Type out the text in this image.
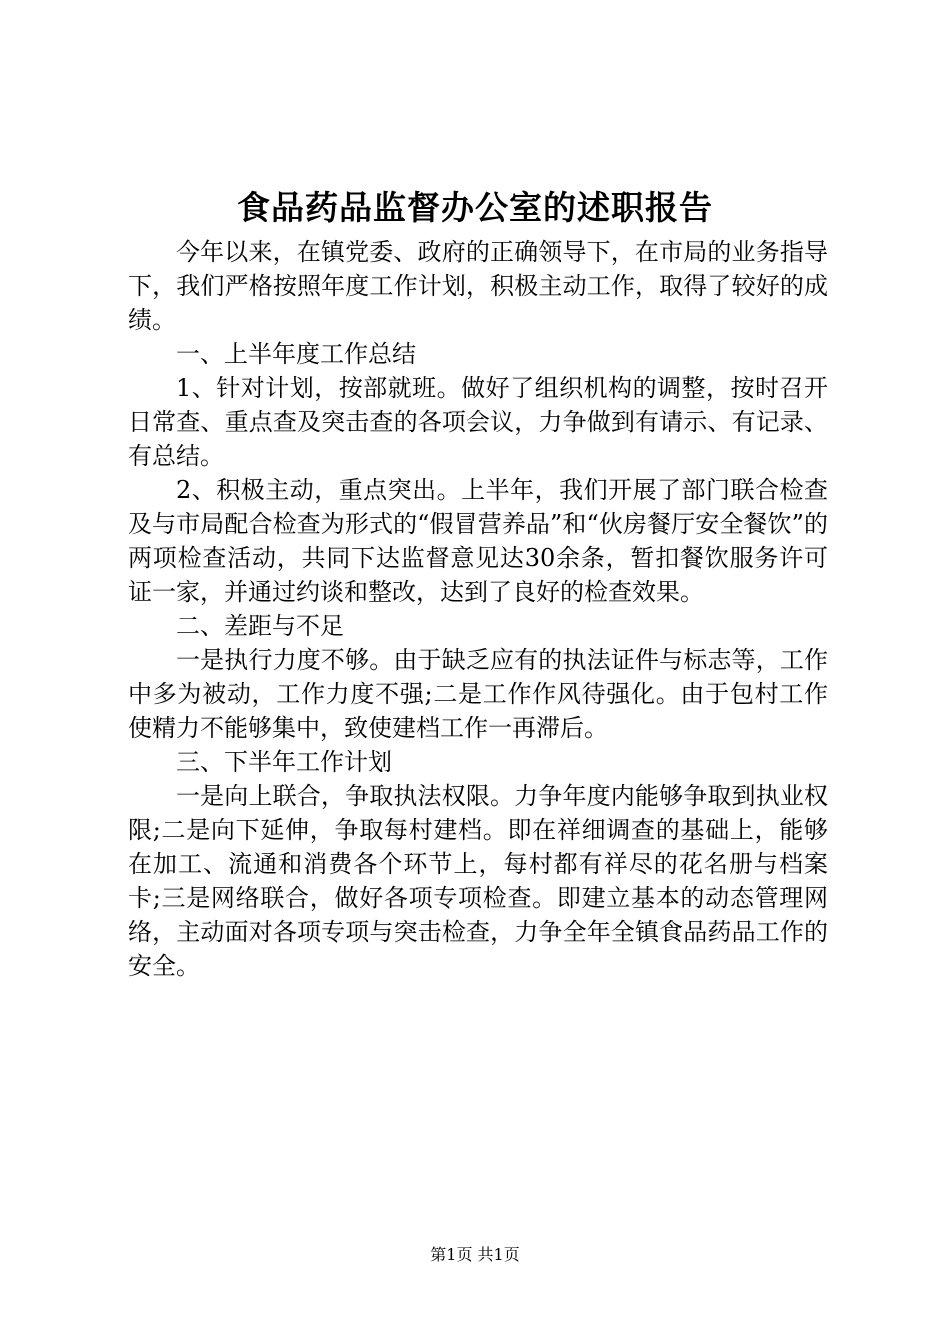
食品药品监督办公室的述职报告

今年以来，在镇党委、政府的正确领导下，在市局的业务指导下，我们严格按照年度工作计划，积极主动工作，取得了较好的成绩。

一、上半年度工作总结

1、针对计划，按部就班。做好了组织机构的调整，按时召开日常查、重点查及突击查的各项会议，力争做到有请示、有记录、有总结。

2、积极主动，重点突出。上半年，我们开展了部门联合检查及与市局配合检查为形式的“假冒营养品”和“伙房餐厅安全餐饮”的两项检查活动，共同下达监督意见达30余条，暂扣餐饮服务许可证一家，并通过约谈和整改，达到了良好的检查效果。

二、差距与不足

一是执行力度不够。由于缺乏应有的执法证件与标志等，工作中多为被动，工作力度不强;二是工作作风待强化。由于包村工作使精力不能够集中，致使建档工作一再滞后。

三、下半年工作计划

一是向上联合，争取执法权限。力争年度内能够争取到执业权限;二是向下延伸，争取每村建档。即在祥细调查的基础上，能够在加工、流通和消费各个环节上，每村都有祥尽的花名册与档案卡;三是网络联合，做好各项专项检查。即建立基本的动态管理网络，主动面对各项专项与突击检查，力争全年全镇食品药品工作的安全。

第1页 共1页
